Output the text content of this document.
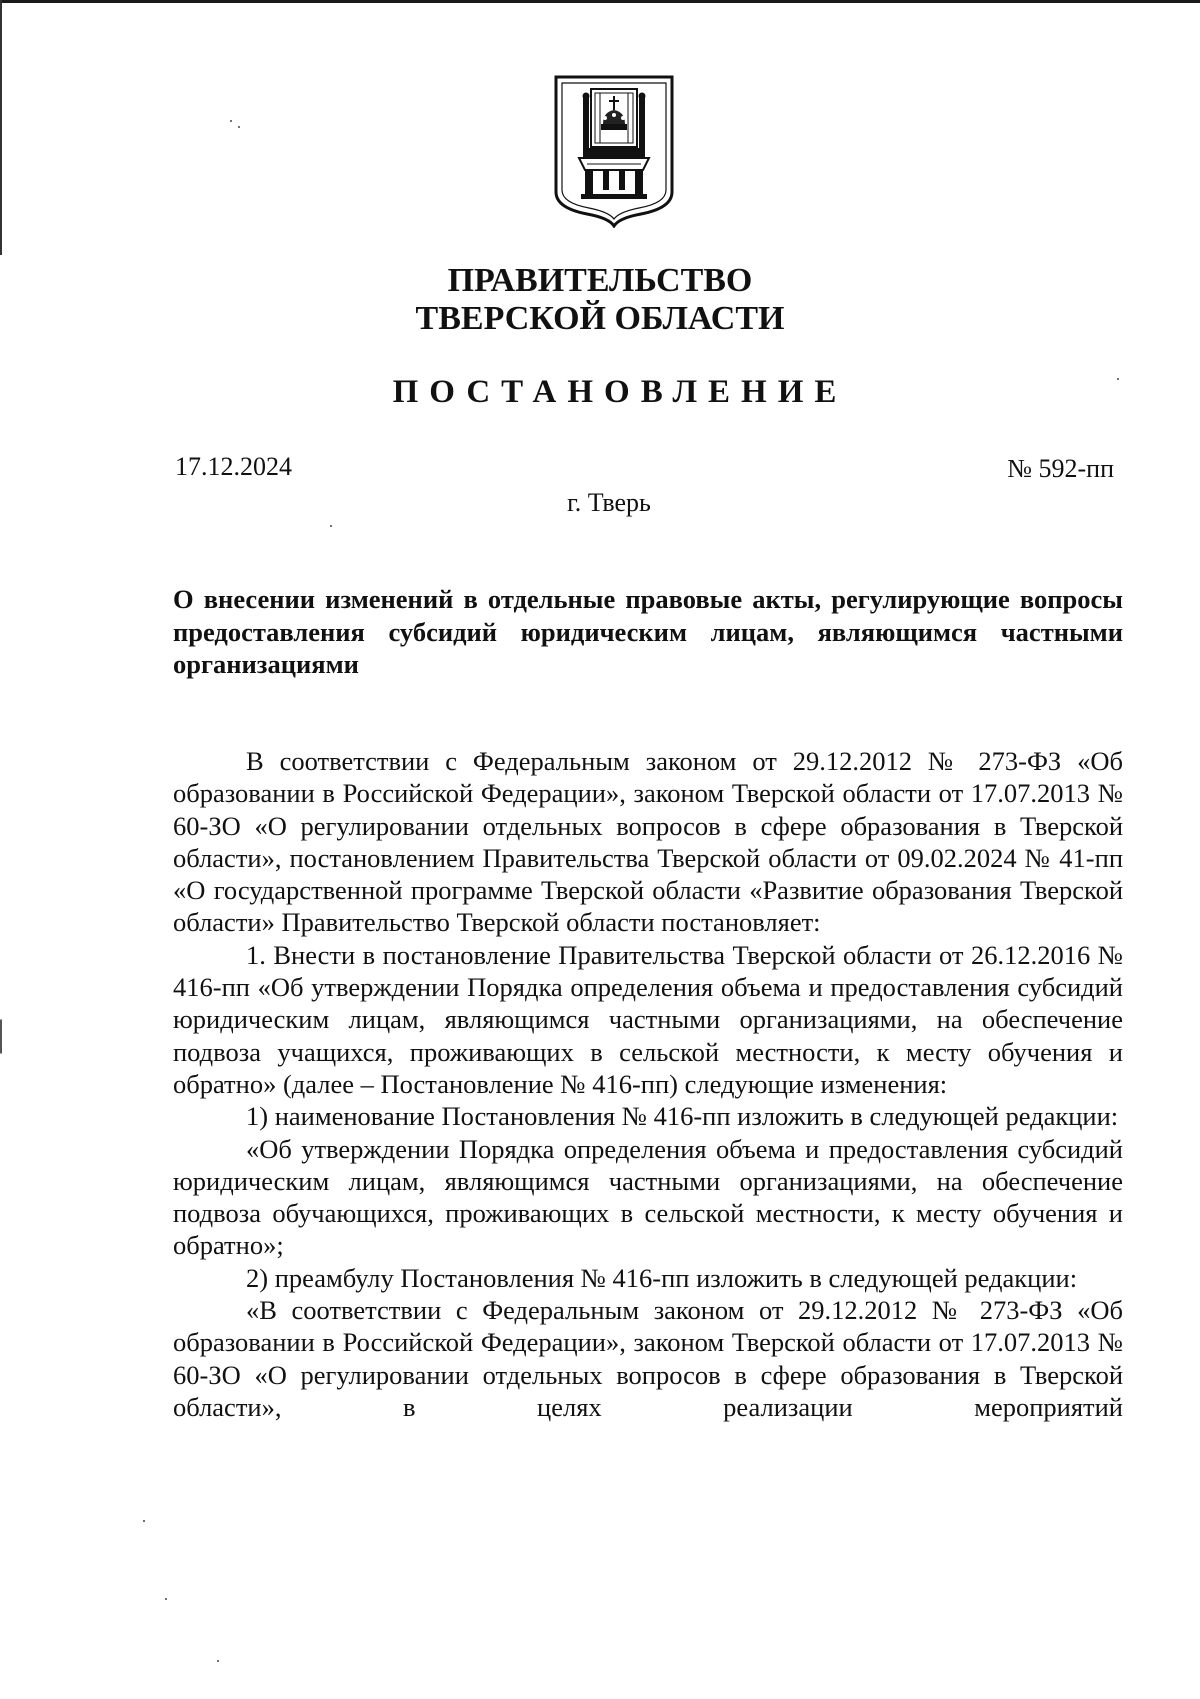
ПРАВИТЕЛЬСТВО
ТВЕРСКОЙ ОБЛАСТИ
ПОСТАНОВЛЕНИЕ
17.12.2024	№ 592-пп
г. Тверь
О внесении изменений в отдельные правовые акты, регулирующие вопросы предоставления субсидий юридическим лицам, являющимся частными организациями

В соответствии с Федеральным законом от 29.12.2012 № 273-ФЗ «Об образовании в Российской Федерации», законом Тверской области от 17.07.2013 № 60-ЗО «О регулировании отдельных вопросов в сфере образования в Тверской области», постановлением Правительства Тверской области от 09.02.2024 № 41-пп «О государственной программе Тверской области «Развитие образования Тверской области» Правительство Тверской области постановляет:

1. Внести в постановление Правительства Тверской области от 26.12.2016 № 416-пп «Об утверждении Порядка определения объема и предоставления субсидий юридическим лицам, являющимся частными организациями, на обеспечение подвоза учащихся, проживающих в сельской местности, к месту обучения и обратно» (далее – Постановление № 416-пп) следующие изменения:

1) наименование Постановления № 416-пп изложить в следующей редакции:

«Об утверждении Порядка определения объема и предоставления субсидий юридическим лицам, являющимся частными организациями, на обеспечение подвоза обучающихся, проживающих в сельской местности, к месту обучения и обратно»;

2) преамбулу Постановления № 416-пп изложить в следующей редакции:

«В соответствии с Федеральным законом от 29.12.2012 № 273-ФЗ «Об образовании в Российской Федерации», законом Тверской области от 17.07.2013 № 60-ЗО «О регулировании отдельных вопросов в сфере образования в Тверской области», в целях реализации мероприятий
